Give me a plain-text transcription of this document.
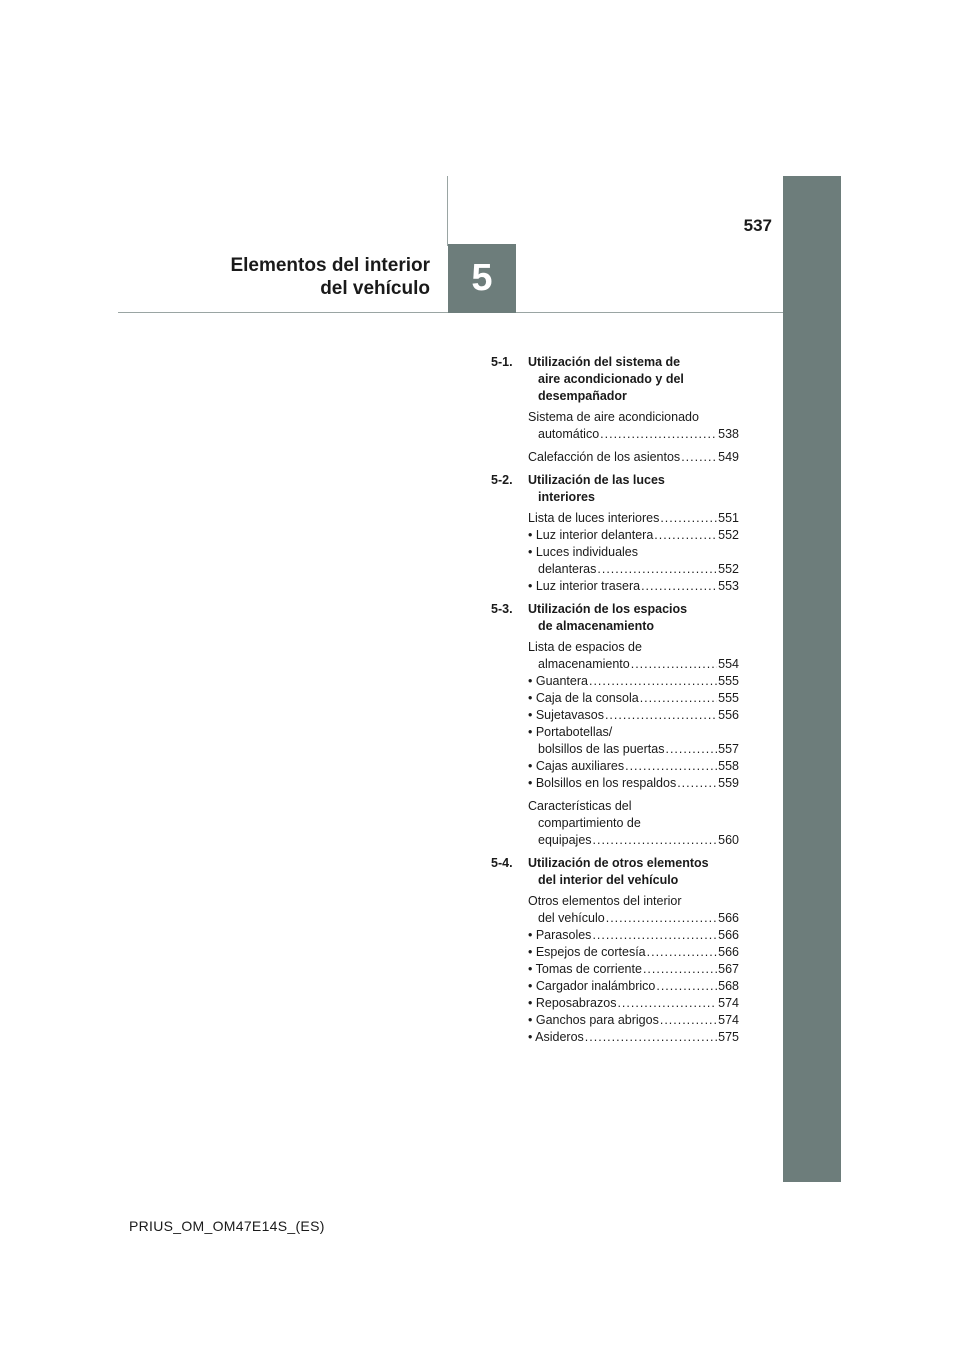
537
5
Elementos del interior
del vehículo
5-1.	Utilización del sistema de
aire acondicionado y del
desempañador
Sistema de aire acondicionado
automático .....	538
Calefacción de los asientos .....	549
5-2.	Utilización de las luces
interiores
Lista de luces interiores .....	551
• Luz interior delantera .....	552
• Luces individuales
delanteras .....	552
• Luz interior trasera .....	553
5-3.	Utilización de los espacios
de almacenamiento
Lista de espacios de
almacenamiento .....	554
• Guantera .....	555
• Caja de la consola .....	555
• Sujetavasos .....	556
• Portabotellas/
bolsillos de las puertas .....	557
• Cajas auxiliares .....	558
• Bolsillos en los respaldos .....	559
Características del
compartimiento de
equipajes .....	560
5-4.	Utilización de otros elementos
del interior del vehículo
Otros elementos del interior
del vehículo .....	566
• Parasoles .....	566
• Espejos de cortesía .....	566
• Tomas de corriente .....	567
• Cargador inalámbrico .....	568
• Reposabrazos .....	574
• Ganchos para abrigos .....	574
• Asideros .....	575
PRIUS_OM_OM47E14S_(ES)
